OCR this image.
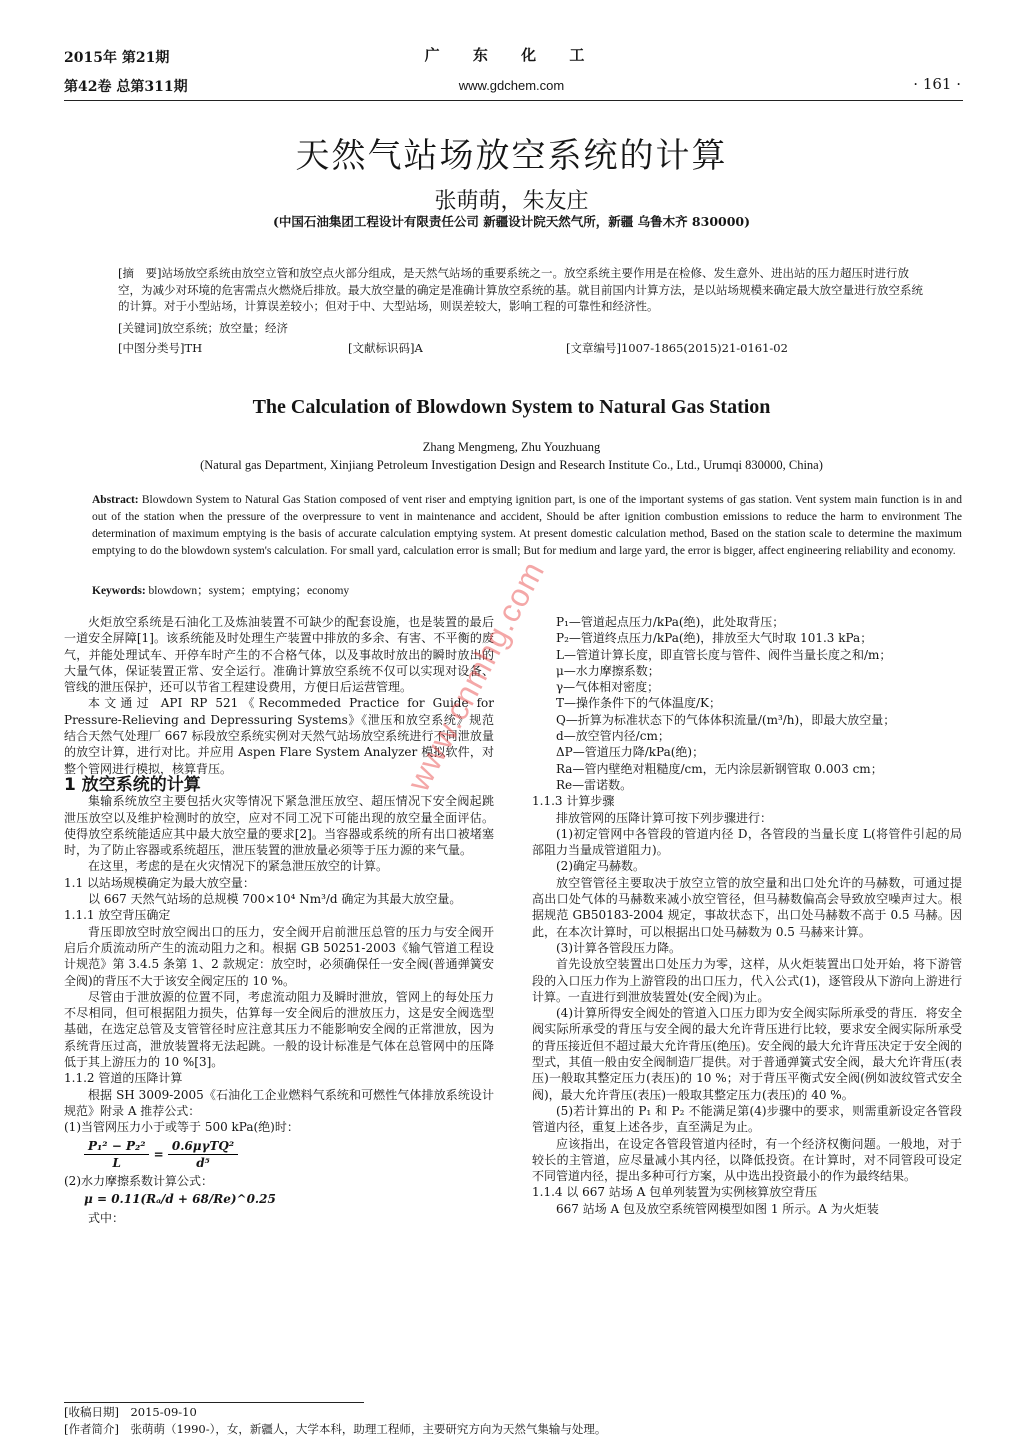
2015年 第21期
第42卷 总第311期
广 东 化 工
www.gdchem.com	· 161 ·
天然气站场放空系统的计算
张萌萌，朱友庄
(中国石油集团工程设计有限责任公司 新疆设计院天然气所，新疆 乌鲁木齐 830000)
[摘　要]站场放空系统由放空立管和放空点火部分组成，是天然气站场的重要系统之一。放空系统主要作用是在检修、发生意外、进出站的压力超压时进行放空，为减少对环境的危害需点火燃烧后排放。最大放空量的确定是准确计算放空系统的基。就目前国内计算方法，是以站场规模来确定最大放空量进行放空系统的计算。对于小型站场，计算误差较小；但对于中、大型站场，则误差较大，影响工程的可靠性和经济性。
[关键词]放空系统；放空量；经济
[中图分类号]TH	[文献标识码]A	[文章编号]1007-1865(2015)21-0161-02
The Calculation of Blowdown System to Natural Gas Station
Zhang Mengmeng, Zhu Youzhuang
(Natural gas Department, Xinjiang Petroleum Investigation Design and Research Institute Co., Ltd., Urumqi 830000, China)
Abstract: Blowdown System to Natural Gas Station composed of vent riser and emptying ignition part, is one of the important systems of gas station. Vent system main function is in and out of the station when the pressure of the overpressure to vent in maintenance and accident, Should be after ignition combustion emissions to reduce the harm to environment The determination of maximum emptying is the basis of accurate calculation emptying system. At present domestic calculation method, Based on the station scale to determine the maximum emptying to do the blowdown system's calculation. For small yard, calculation error is small; But for medium and large yard, the error is bigger, affect engineering reliability and economy.
Keywords: blowdown；system；emptying；economy

火炬放空系统是石油化工及炼油装置不可缺少的配套设施，也是装置的最后一道安全屏障[1]。该系统能及时处理生产装置中排放的多余、有害、不平衡的废气，并能处理试车、开停车时产生的不合格气体，以及事故时放出的瞬时放出的大量气体，保证装置正常、安全运行。准确计算放空系统不仅可以实现对设备、管线的泄压保护，还可以节省工程建设费用，方便日后运营管理。

本文通过 API RP 521《Recommeded Practice for Guide for Pressure-Relieving and Depressuring Systems》《泄压和放空系统》规范结合天然气处理厂 667 标段放空系统实例对天然气站场放空系统进行不同泄放量的放空计算，进行对比。并应用 Aspen Flare System Analyzer 模拟软件，对整个管网进行模拟，核算背压。

1 放空系统的计算

集输系统放空主要包括火灾等情况下紧急泄压放空、超压情况下安全阀起跳泄压放空以及维护检测时的放空，应对不同工况下可能出现的放空量全面评估。使得放空系统能适应其中最大放空量的要求[2]。当容器或系统的所有出口被堵塞时，为了防止容器或系统超压，泄压装置的泄放量必须等于压力源的来气量。

在这里，考虑的是在火灾情况下的紧急泄压放空的计算。

1.1 以站场规模确定为最大放空量：

以 667 天然气站场的总规模 700×10⁴ Nm³/d 确定为其最大放空量。

1.1.1 放空背压确定

背压即放空时放空阀出口的压力，安全阀开启前泄压总管的压力与安全阀开启后介质流动所产生的流动阻力之和。根据 GB 50251-2003《输气管道工程设计规范》第 3.4.5 条第 1、2 款规定：放空时，必须确保任一安全阀(普通弹簧安全阀)的背压不大于该安全阀定压的 10 %。

尽管由于泄放源的位置不同，考虑流动阻力及瞬时泄放，管网上的每处压力不尽相同，但可根据阻力损失，估算每一安全阀后的泄放压力，这是安全阀选型基础，在选定总管及支管管径时应注意其压力不能影响安全阀的正常泄放，因为系统背压过高，泄放装置将无法起跳。一般的设计标准是气体在总管网中的压降低于其上游压力的 10 %[3]。

1.1.2 管道的压降计算

根据 SH 3009-2005《石油化工企业燃料气系统和可燃性气体排放系统设计规范》附录 A 推荐公式：

(1)当管网压力小于或等于 500 kPa(绝)时：

$\frac{\text{P₁² − P₂²}}{L} = \frac{\text{0.6μγTQ²}}{\text{d⁵}}$

(2)水力摩擦系数计算公式：

μ = 0.11(Rₐ/d + 68/Re)^0.25

式中：

P₁—管道起点压力/kPa(绝)，此处取背压；

P₂—管道终点压力/kPa(绝)，排放至大气时取 101.3 kPa；

L—管道计算长度，即直管长度与管件、阀件当量长度之和/m；

μ—水力摩擦系数；

γ—气体相对密度；

T—操作条件下的气体温度/K；

Q—折算为标准状态下的气体体积流量/(m³/h)，即最大放空量；

d—放空管内径/cm；

ΔP—管道压力降/kPa(绝)；

Ra—管内壁绝对粗糙度/cm，无内涂层新钢管取 0.003 cm；

Re—雷诺数。

1.1.3 计算步骤

排放管网的压降计算可按下列步骤进行：

(1)初定管网中各管段的管道内径 D，各管段的当量长度 L(将管件引起的局部阻力当量成管道阻力)。

(2)确定马赫数。

放空管管径主要取决于放空立管的放空量和出口处允许的马赫数，可通过提高出口处气体的马赫数来减小放空管径，但马赫数偏高会导致放空噪声过大。根据规范 GB50183-2004 规定，事故状态下，出口处马赫数不高于 0.5 马赫。因此，在本次计算时，可以根据出口处马赫数为 0.5 马赫来计算。

(3)计算各管段压力降。

首先设放空装置出口处压力为零，这样，从火炬装置出口处开始，将下游管段的入口压力作为上游管段的出口压力，代入公式(1)，逐管段从下游向上游进行计算。一直进行到泄放装置处(安全阀)为止。

(4)计算所得安全阀处的管道入口压力即为安全阀实际所承受的背压．将安全阀实际所承受的背压与安全阀的最大允许背压进行比较，要求安全阀实际所承受的背压接近但不超过最大允许背压(绝压)。安全阀的最大允许背压决定于安全阀的型式，其值一般由安全阀制造厂提供。对于普通弹簧式安全阀，最大允许背压(表压)一般取其整定压力(表压)的 10 %；对于背压平衡式安全阀(例如波纹管式安全阀)，最大允许背压(表压)一般取其整定压力(表压)的 40 %。

(5)若计算出的 P₁ 和 P₂ 不能满足第(4)步骤中的要求，则需重新设定各管段管道内径，重复上述各步，直至满足为止。

应该指出，在设定各管段管道内径时，有一个经济权衡问题。一般地，对于较长的主管道，应尽量减小其内径，以降低投资。在计算时，对不同管段可设定不同管道内径，提出多种可行方案，从中选出投资最小的作为最终结果。

1.1.4 以 667 站场 A 包单列装置为实例核算放空背压

667 站场 A 包及放空系统管网模型如图 1 所示。A 为火炬装

www.cnmhg.com
[收稿日期]　2015-09-10
[作者简介]　张萌萌（1990-），女，新疆人，大学本科，助理工程师，主要研究方向为天然气集输与处理。
